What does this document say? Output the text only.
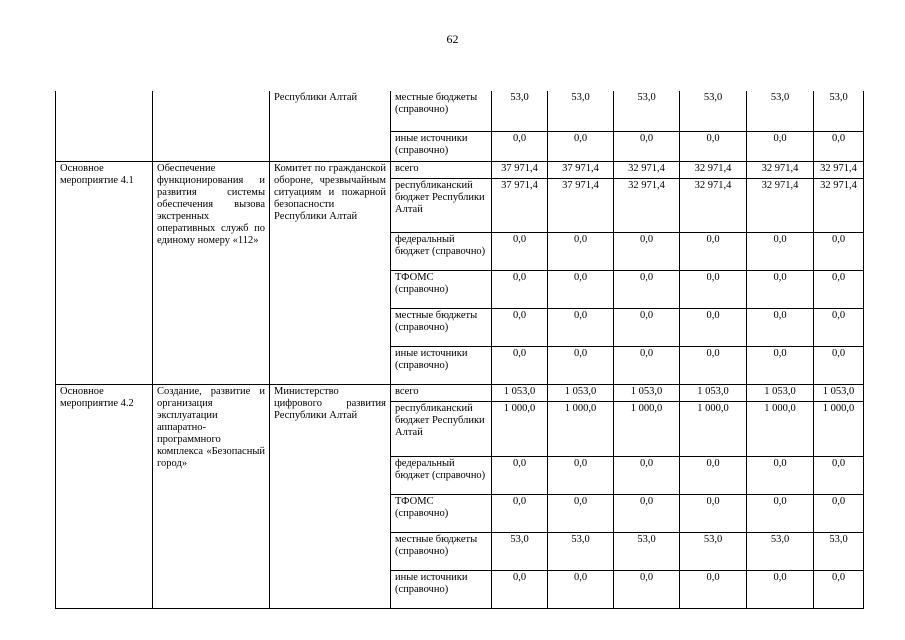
62
		Республики Алтай	местные бюджеты (справочно)	53,0	53,0	53,0	53,0	53,0	53,0
			иные источники (справочно)	0,0	0,0	0,0	0,0	0,0	0,0
Основное мероприятие 4.1	Обеспечение функционирования и развития системы обеспечения вызова экстренных оперативных служб по единому номеру «112»	Комитет по гражданской обороне, чрезвычайным ситуациям и пожарной безопасности Республики Алтай	всего	37 971,4	37 971,4	32 971,4	32 971,4	32 971,4	32 971,4
			республиканский бюджет Республики Алтай	37 971,4	37 971,4	32 971,4	32 971,4	32 971,4	32 971,4
			федеральный бюджет (справочно)	0,0	0,0	0,0	0,0	0,0	0,0
			ТФОМС (справочно)	0,0	0,0	0,0	0,0	0,0	0,0
			местные бюджеты (справочно)	0,0	0,0	0,0	0,0	0,0	0,0
			иные источники (справочно)	0,0	0,0	0,0	0,0	0,0	0,0
Основное мероприятие 4.2	Создание, развитие и организация эксплуатации аппаратно-программного комплекса «Безопасный город»	Министерство цифрового развития Республики Алтай	всего	1 053,0	1 053,0	1 053,0	1 053,0	1 053,0	1 053,0
			республиканский бюджет Республики Алтай	1 000,0	1 000,0	1 000,0	1 000,0	1 000,0	1 000,0
			федеральный бюджет (справочно)	0,0	0,0	0,0	0,0	0,0	0,0
			ТФОМС (справочно)	0,0	0,0	0,0	0,0	0,0	0,0
			местные бюджеты (справочно)	53,0	53,0	53,0	53,0	53,0	53,0
			иные источники (справочно)	0,0	0,0	0,0	0,0	0,0	0,0
